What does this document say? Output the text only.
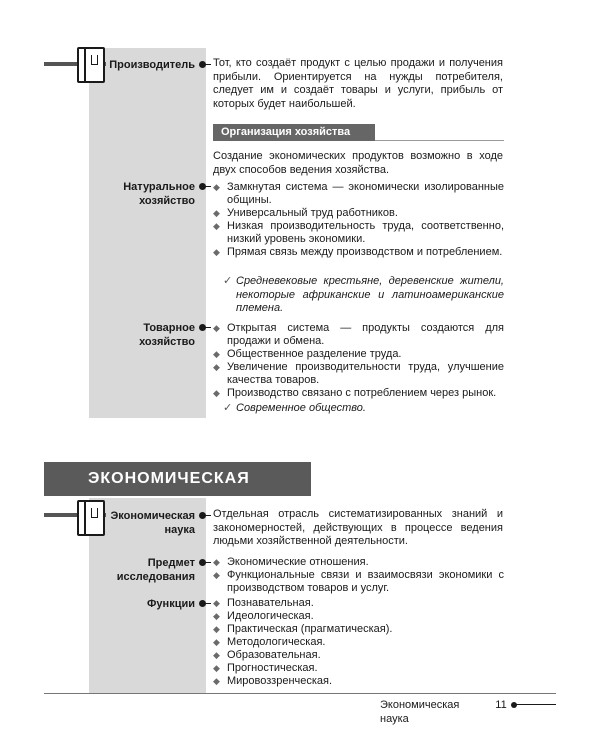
Производитель Тот, кто создаёт продукт с целью продажи и получения прибыли. Ориентируется на нужды потребителя, следует им и создаёт товары и услуги, прибыль от которых будет наибольшей.
Организация хозяйства
Создание экономических продуктов возможно в ходе двух способов ведения хозяйства.
Натуральное
хозяйство
◆ Замкнутая система — экономически изолированные общины.
◆ Универсальный труд работников.
◆ Низкая производительность труда, соответственно, низкий уровень экономики.
◆ Прямая связь между производством и потреблением.
✓ Средневековые крестьяне, деревенские жители, некоторые африканские и латиноамериканские племена.
Товарное
хозяйство
◆ Открытая система — продукты создаются для продажи и обмена.
◆ Общественное разделение труда.
◆ Увеличение производительности труда, улучшение качества товаров.
◆ Производство связано с потреблением через рынок.
✓ Современное общество.
ЭКОНОМИЧЕСКАЯ
Экономическая
наука
Отдельная отрасль систематизированных знаний и закономерностей, действующих в процессе ведения людьми хозяйственной деятельности.
Предмет
исследования
◆ Экономические отношения.
◆ Функциональные связи и взаимосвязи экономики с производством товаров и услуг.
Функции ◆ Познавательная.
◆ Идеологическая.
◆ Практическая (прагматическая).
◆ Методологическая.
◆ Образовательная.
◆ Прогностическая.
◆ Мировоззренческая.
Экономическая наука
11
